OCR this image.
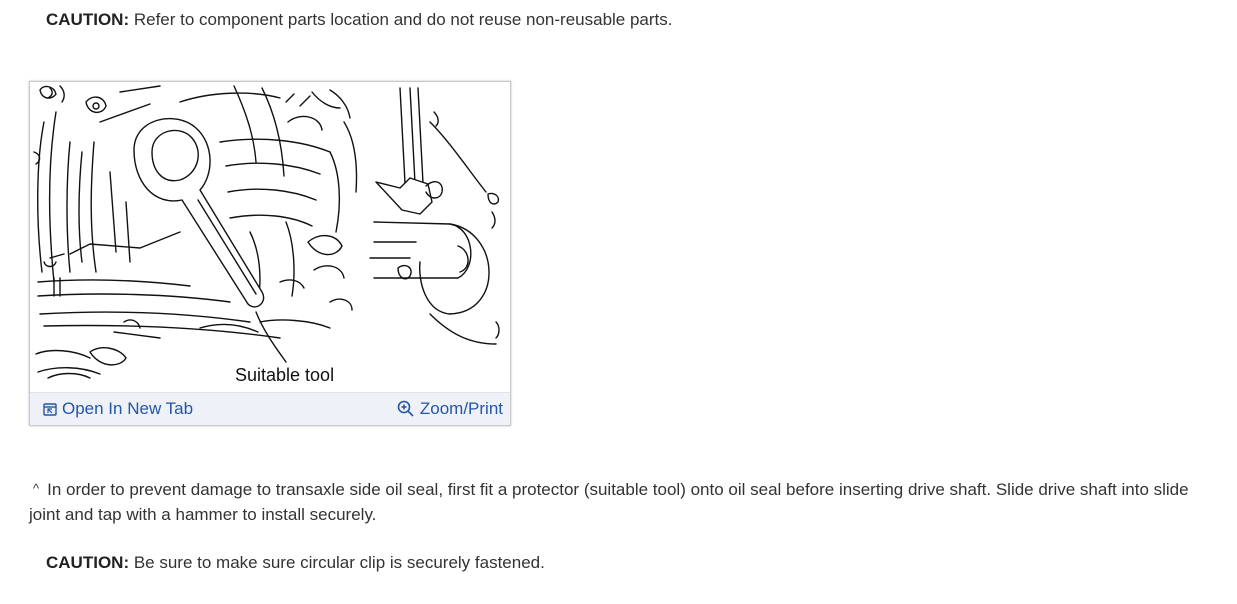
CAUTION: Refer to component parts location and do not reuse non-reusable parts.
Suitable tool
Open In New Tab	Zoom/Print
^ In order to prevent damage to transaxle side oil seal, first fit a protector (suitable tool) onto oil seal before inserting drive shaft. Slide drive shaft into slide joint and tap with a hammer to install securely.
CAUTION: Be sure to make sure circular clip is securely fastened.
